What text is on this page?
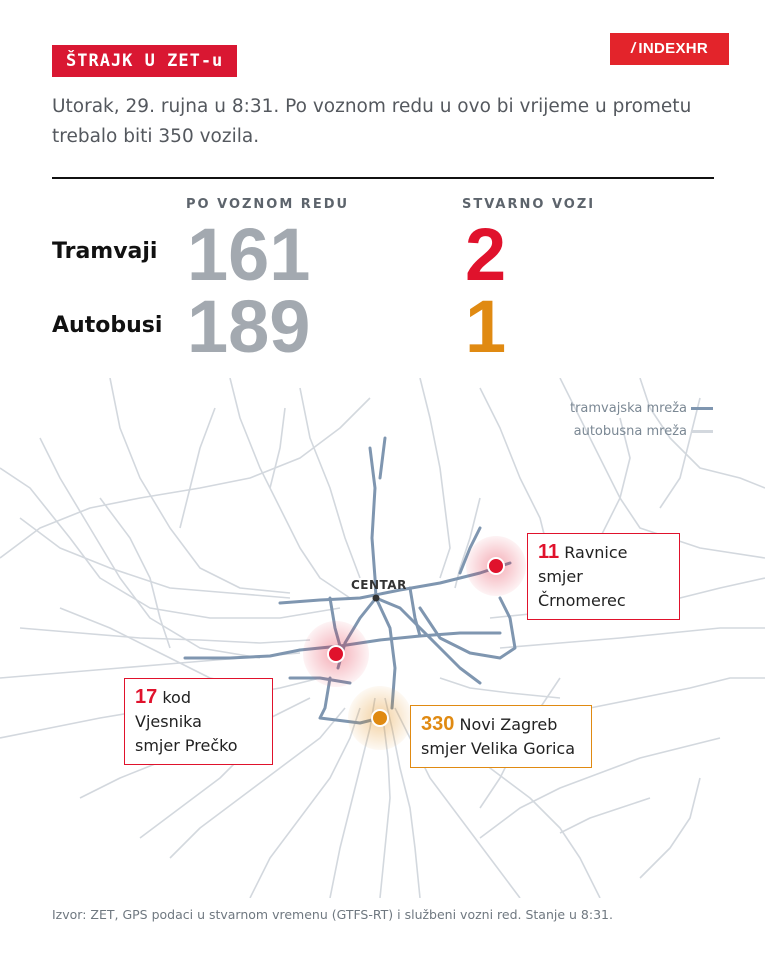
ŠTRAJK U ZET-u
/ INDEXHR
Utorak, 29. rujna u 8:31. Po voznom redu u ovo bi vrijeme u prometu trebalo biti 350 vozila.
PO VOZNOM REDU	STVARNO VOZI
Tramvaji 161 2
Autobusi 189 1
tramvajska mreža
autobusna mreža
CENTAR
11 Ravnice
smjer Črnomerec
17 kod Vjesnika
smjer Prečko
330 Novi Zagreb
smjer Velika Gorica
Izvor: ZET, GPS podaci u stvarnom vremenu (GTFS-RT) i službeni vozni red. Stanje u 8:31.
